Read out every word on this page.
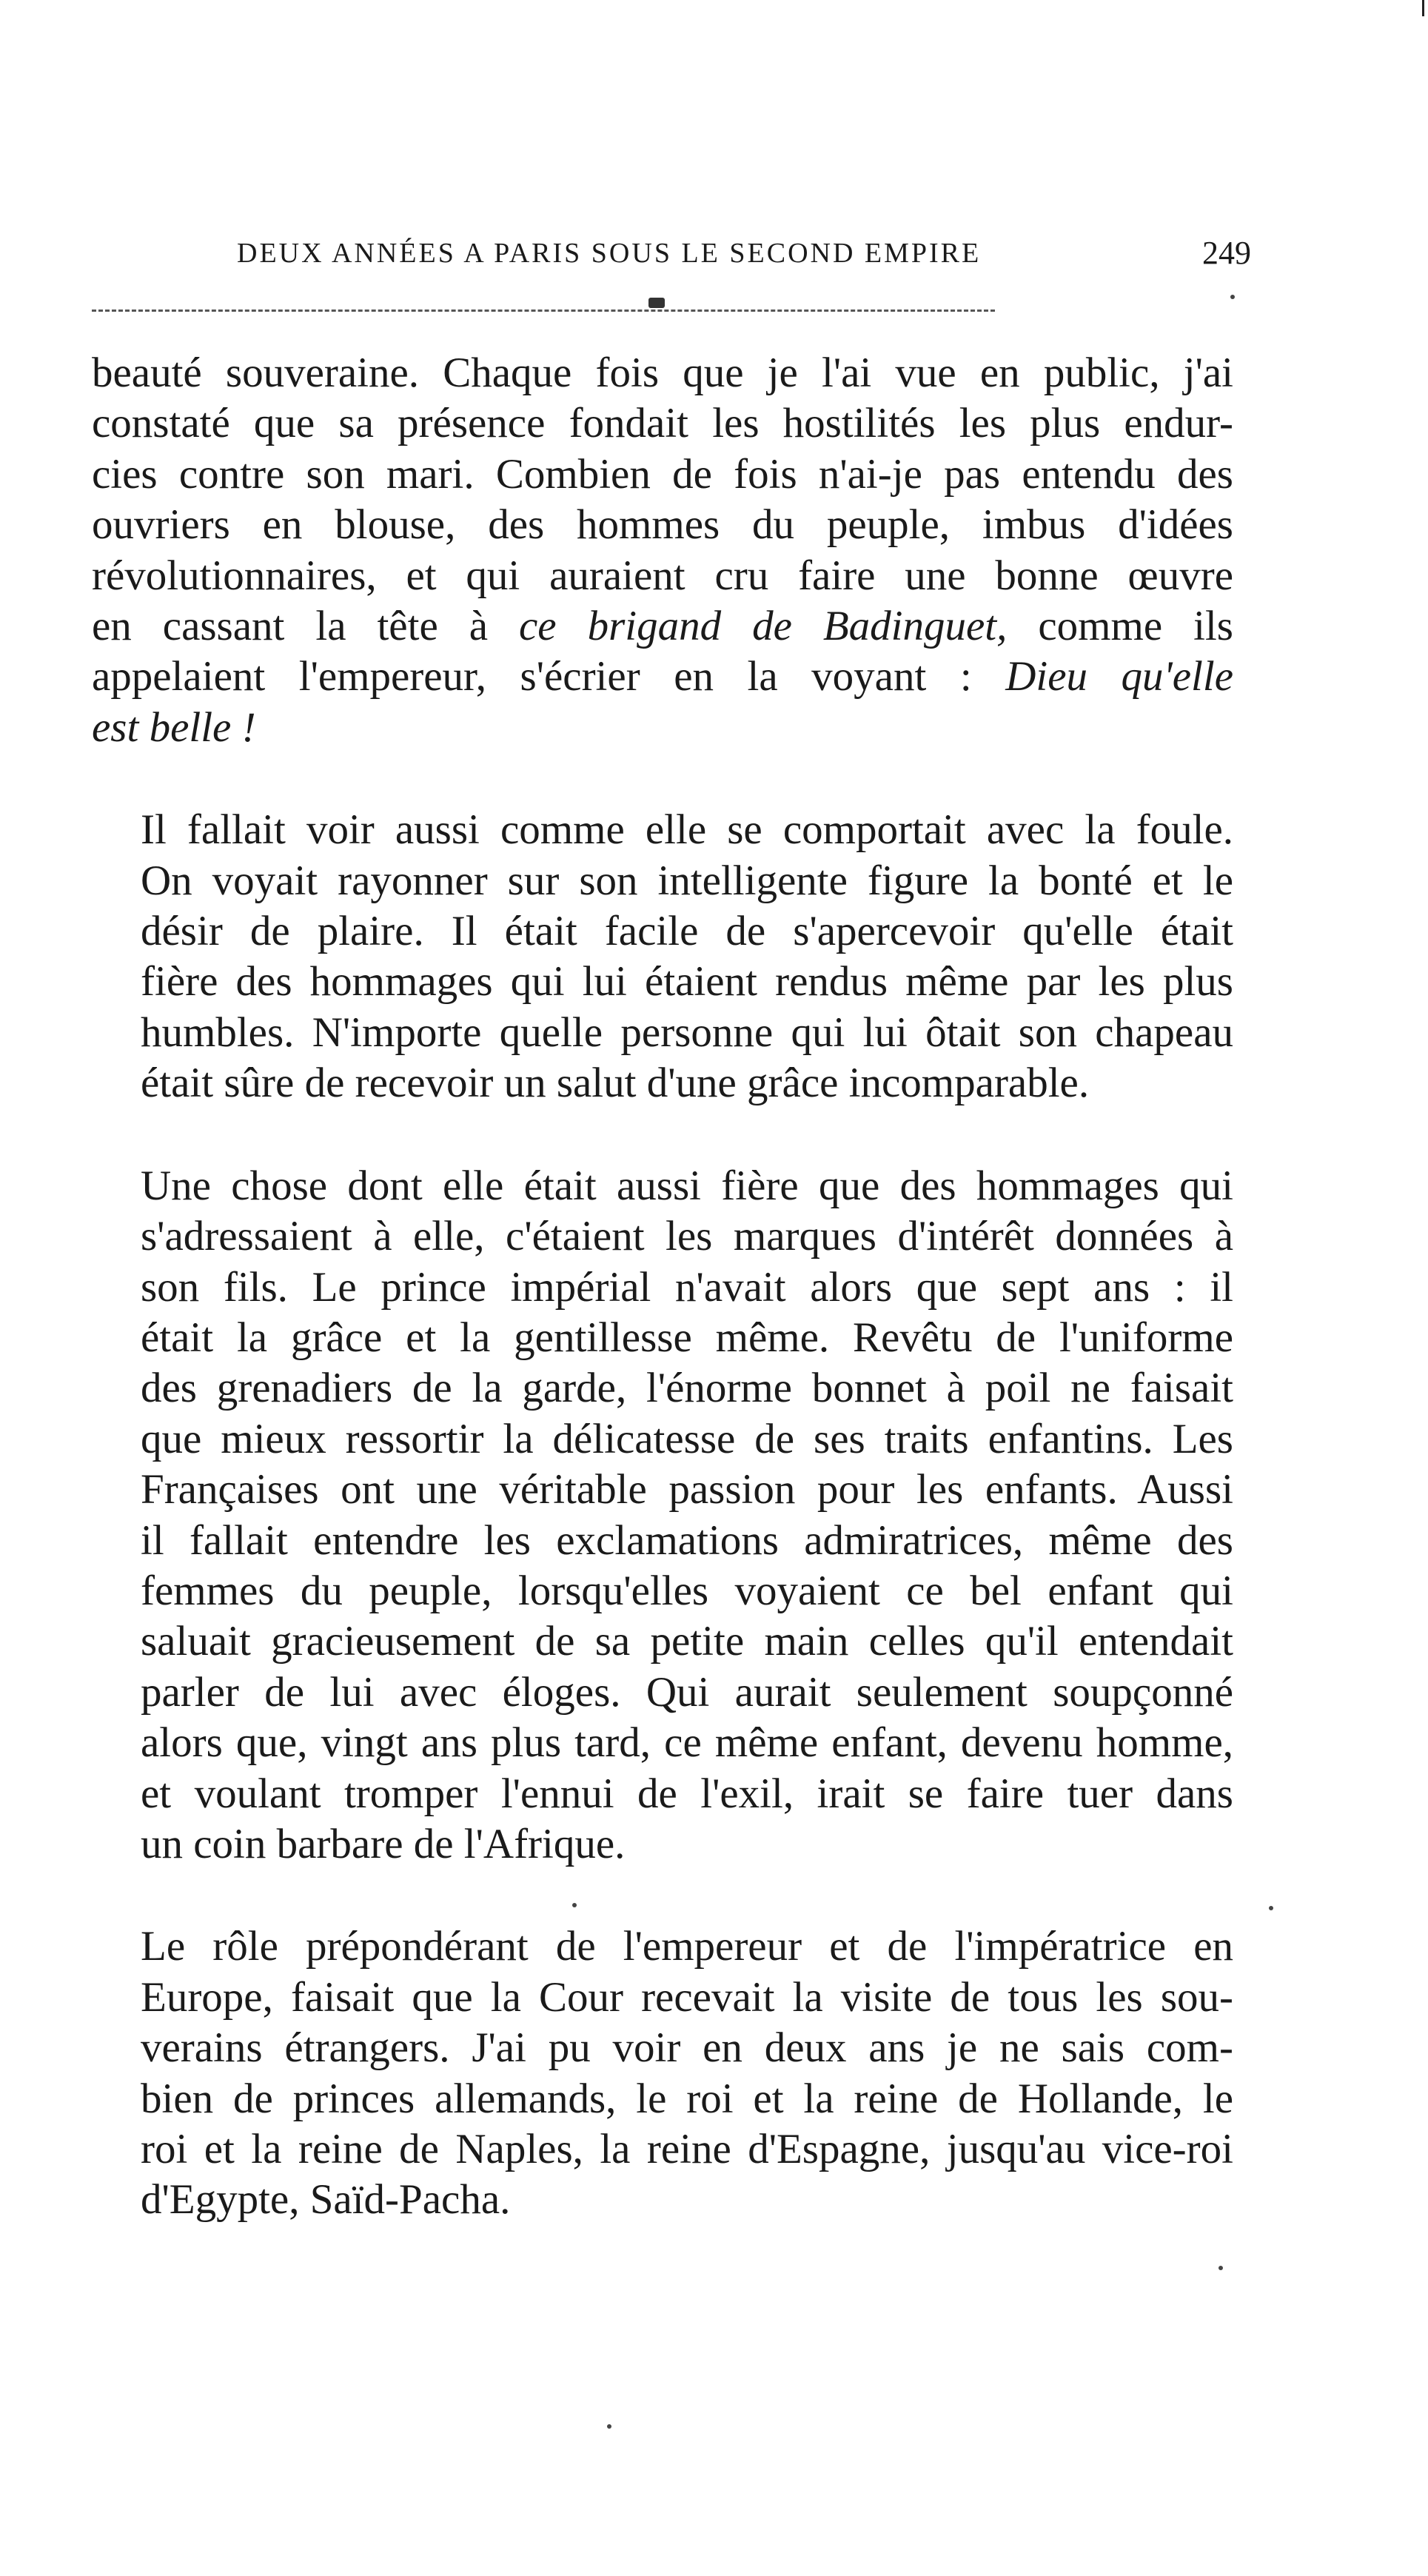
DEUX ANNÉES A PARIS SOUS LE SECOND EMPIRE	249
beauté souveraine. Chaque fois que je l'ai vue en public, j'ai
constaté que sa présence fondait les hostilités les plus endur-
cies contre son mari. Combien de fois n'ai-je pas entendu des
ouvriers en blouse, des hommes du peuple, imbus d'idées
révolutionnaires, et qui auraient cru faire une bonne œuvre
en cassant la tête à ce brigand de Badinguet, comme ils
appelaient l'empereur, s'écrier en la voyant : Dieu qu'elle
est belle !
Il fallait voir aussi comme elle se comportait avec la foule.
On voyait rayonner sur son intelligente figure la bonté et le
désir de plaire. Il était facile de s'apercevoir qu'elle était
fière des hommages qui lui étaient rendus même par les plus
humbles. N'importe quelle personne qui lui ôtait son chapeau
était sûre de recevoir un salut d'une grâce incomparable.
Une chose dont elle était aussi fière que des hommages qui
s'adressaient à elle, c'étaient les marques d'intérêt données à
son fils. Le prince impérial n'avait alors que sept ans : il
était la grâce et la gentillesse même. Revêtu de l'uniforme
des grenadiers de la garde, l'énorme bonnet à poil ne faisait
que mieux ressortir la délicatesse de ses traits enfantins. Les
Françaises ont une véritable passion pour les enfants. Aussi
il fallait entendre les exclamations admiratrices, même des
femmes du peuple, lorsqu'elles voyaient ce bel enfant qui
saluait gracieusement de sa petite main celles qu'il entendait
parler de lui avec éloges. Qui aurait seulement soupçonné
alors que, vingt ans plus tard, ce même enfant, devenu homme,
et voulant tromper l'ennui de l'exil, irait se faire tuer dans
un coin barbare de l'Afrique.
Le rôle prépondérant de l'empereur et de l'impératrice en
Europe, faisait que la Cour recevait la visite de tous les sou-
verains étrangers. J'ai pu voir en deux ans je ne sais com-
bien de princes allemands, le roi et la reine de Hollande, le
roi et la reine de Naples, la reine d'Espagne, jusqu'au vice-roi
d'Egypte, Saïd-Pacha.
